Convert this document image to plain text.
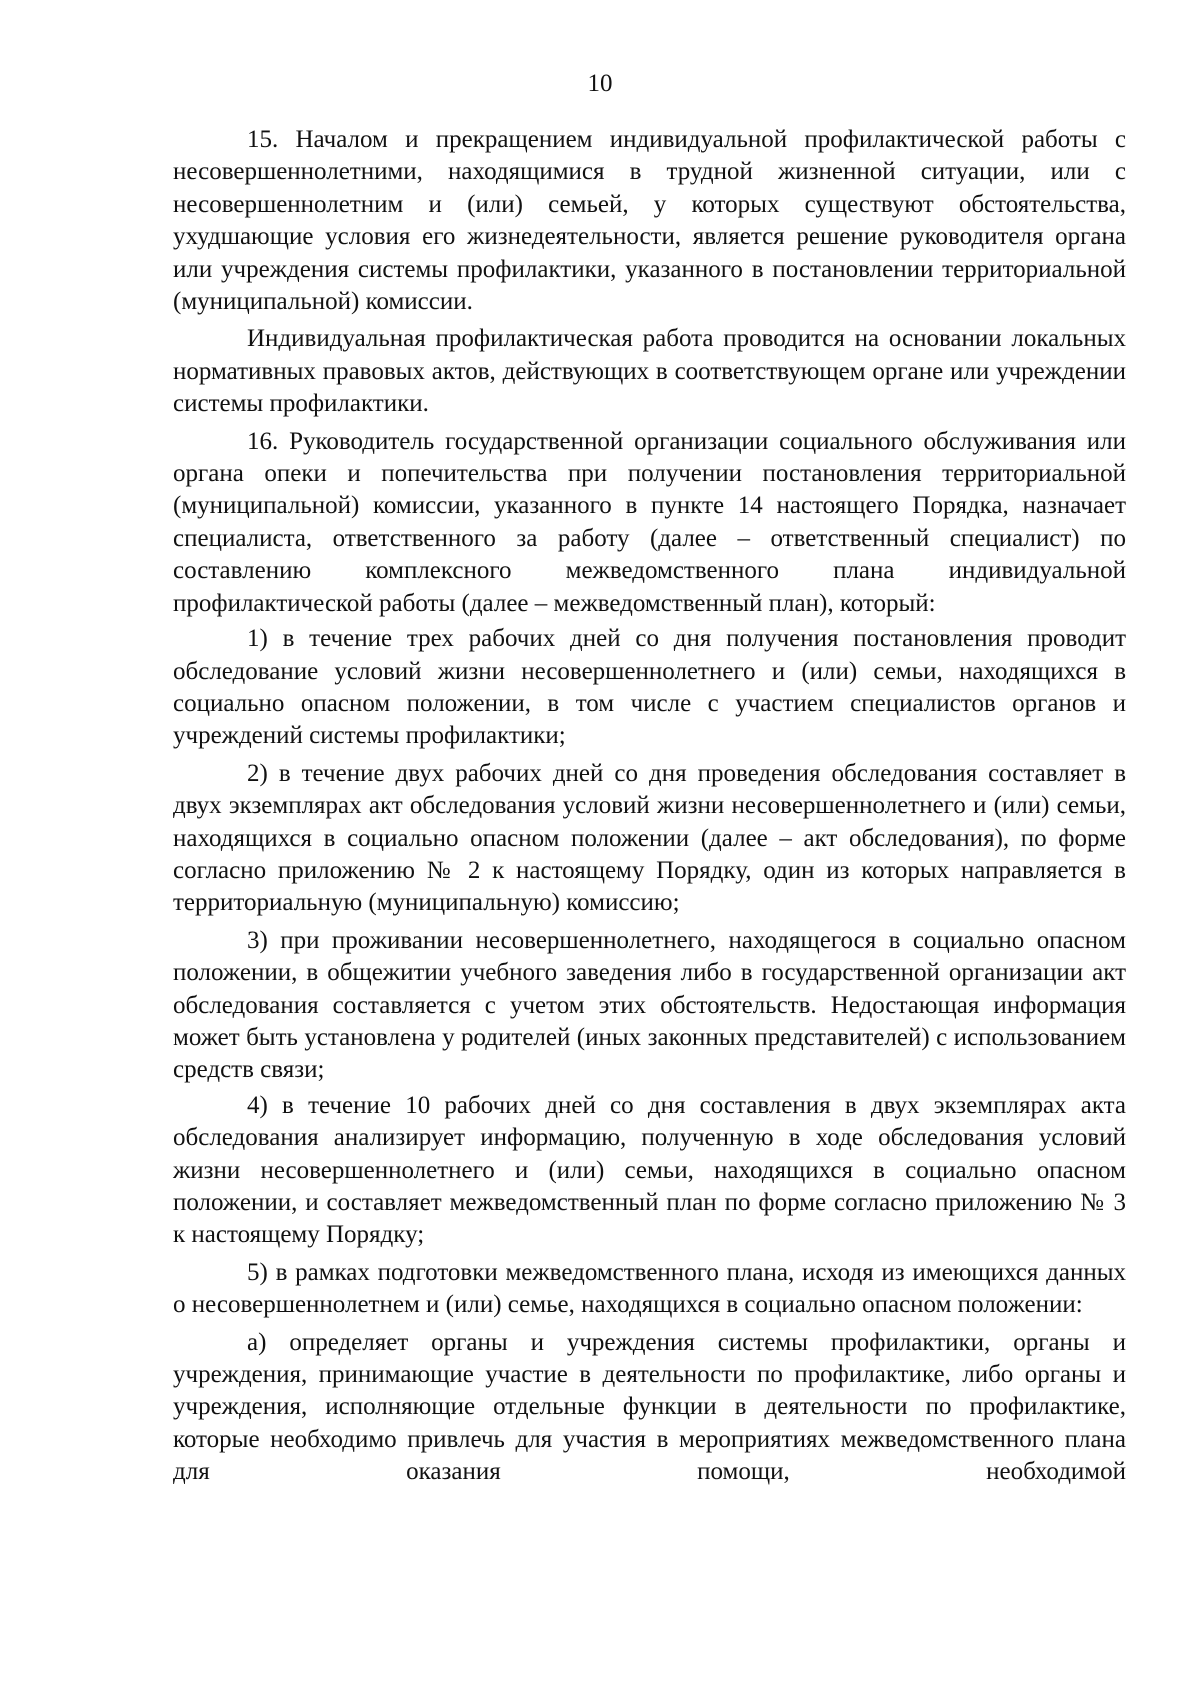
10

15. Началом и прекращением индивидуальной профилактической работы с несовершеннолетними, находящимися в трудной жизненной ситуации, или с несовершеннолетним и (или) семьей, у которых существуют обстоятельства, ухудшающие условия его жизнедеятельности, является решение руководителя органа или учреждения системы профилактики, указанного в постановлении территориальной (муниципальной) комиссии.

Индивидуальная профилактическая работа проводится на основании локальных нормативных правовых актов, действующих в соответствующем органе или учреждении системы профилактики.

16. Руководитель государственной организации социального обслуживания или органа опеки и попечительства при получении постановления территориальной (муниципальной) комиссии, указанного в пункте 14 настоящего Порядка, назначает специалиста, ответственного за работу (далее – ответственный специалист) по составлению комплексного межведомственного плана индивидуальной профилактической работы (далее – межведомственный план), который:

1) в течение трех рабочих дней со дня получения постановления проводит обследование условий жизни несовершеннолетнего и (или) семьи, находящихся в социально опасном положении, в том числе с участием специалистов органов и учреждений системы профилактики;

2) в течение двух рабочих дней со дня проведения обследования составляет в двух экземплярах акт обследования условий жизни несовершеннолетнего и (или) семьи, находящихся в социально опасном положении (далее – акт обследования), по форме согласно приложению № 2 к настоящему Порядку, один из которых направляется в территориальную (муниципальную) комиссию;

3) при проживании несовершеннолетнего, находящегося в социально опасном положении, в общежитии учебного заведения либо в государственной организации акт обследования составляется с учетом этих обстоятельств. Недостающая информация может быть установлена у родителей (иных законных представителей) с использованием средств связи;

4) в течение 10 рабочих дней со дня составления в двух экземплярах акта обследования анализирует информацию, полученную в ходе обследования условий жизни несовершеннолетнего и (или) семьи, находящихся в социально опасном положении, и составляет межведомственный план по форме согласно приложению № 3 к настоящему Порядку;

5) в рамках подготовки межведомственного плана, исходя из имеющихся данных о несовершеннолетнем и (или) семье, находящихся в социально опасном положении:

а) определяет органы и учреждения системы профилактики, органы и учреждения, принимающие участие в деятельности по профилактике, либо органы и учреждения, исполняющие отдельные функции в деятельности по профилактике, которые необходимо привлечь для участия в мероприятиях межведомственного плана для оказания помощи, необходимой
